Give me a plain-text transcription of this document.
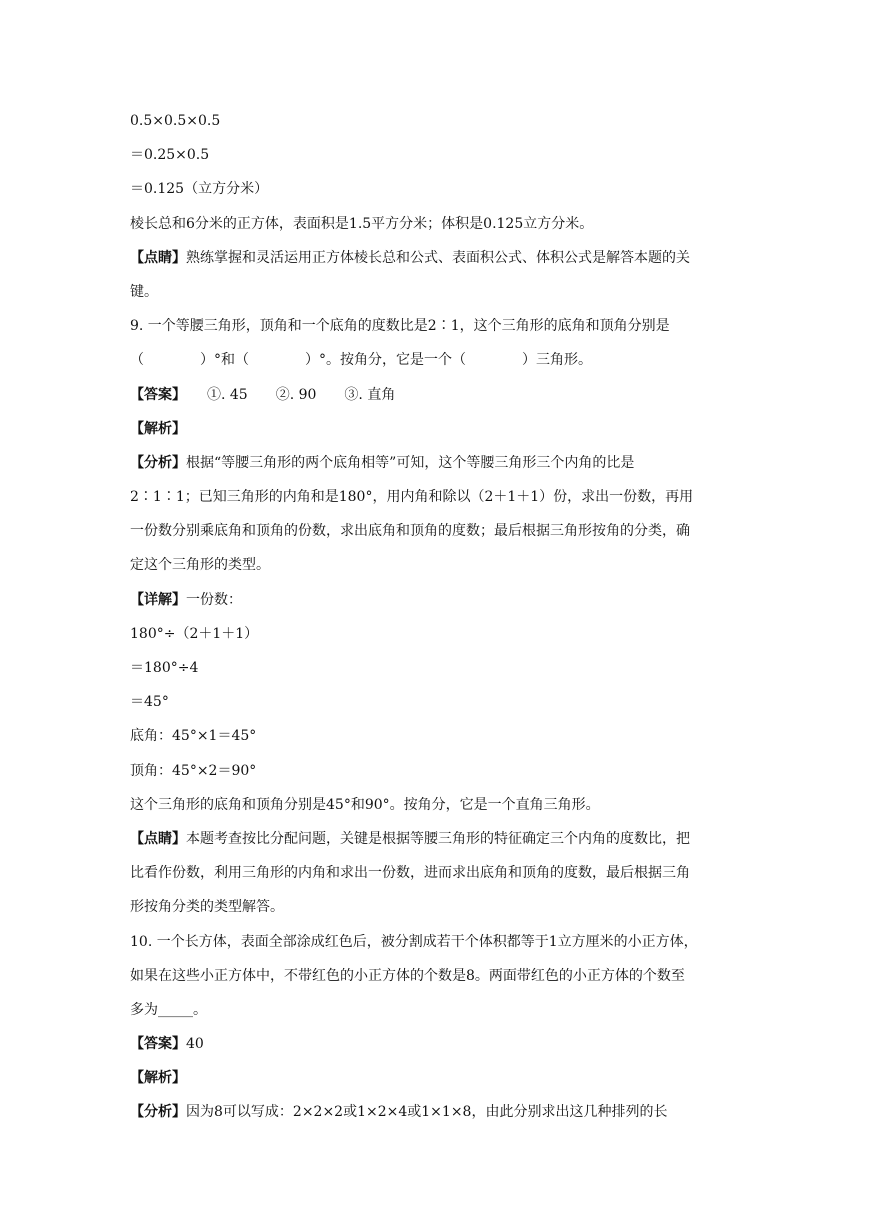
0.5×0.5×0.5
＝0.25×0.5
＝0.125（立方分米）
棱长总和6分米的正方体，表面积是1.5平方分米；体积是0.125立方分米。
【点睛】熟练掌握和灵活运用正方体棱长总和公式、表面积公式、体积公式是解答本题的关
键。
9. 一个等腰三角形，顶角和一个底角的度数比是2∶1，这个三角形的底角和顶角分别是
（　　　　）°和（　　　　）°。按角分，它是一个（　　　　）三角形。
【答案】　　①. 45　　②. 90　　③. 直角
【解析】
【分析】根据“等腰三角形的两个底角相等”可知，这个等腰三角形三个内角的比是
2∶1∶1；已知三角形的内角和是180°，用内角和除以（2＋1＋1）份，求出一份数，再用
一份数分别乘底角和顶角的份数，求出底角和顶角的度数；最后根据三角形按角的分类，确
定这个三角形的类型。
【详解】一份数：
180°÷（2＋1＋1）
＝180°÷4
＝45°
底角：45°×1＝45°
顶角：45°×2＝90°
这个三角形的底角和顶角分别是45°和90°。按角分，它是一个直角三角形。
【点睛】本题考查按比分配问题，关键是根据等腰三角形的特征确定三个内角的度数比，把
比看作份数，利用三角形的内角和求出一份数，进而求出底角和顶角的度数，最后根据三角
形按角分类的类型解答。
10. 一个长方体，表面全部涂成红色后，被分割成若干个体积都等于1立方厘米的小正方体，
如果在这些小正方体中，不带红色的小正方体的个数是8。两面带红色的小正方体的个数至
多为_____。
【答案】40
【解析】
【分析】因为8可以写成：2×2×2或1×2×4或1×1×8，由此分别求出这几种排列的长
